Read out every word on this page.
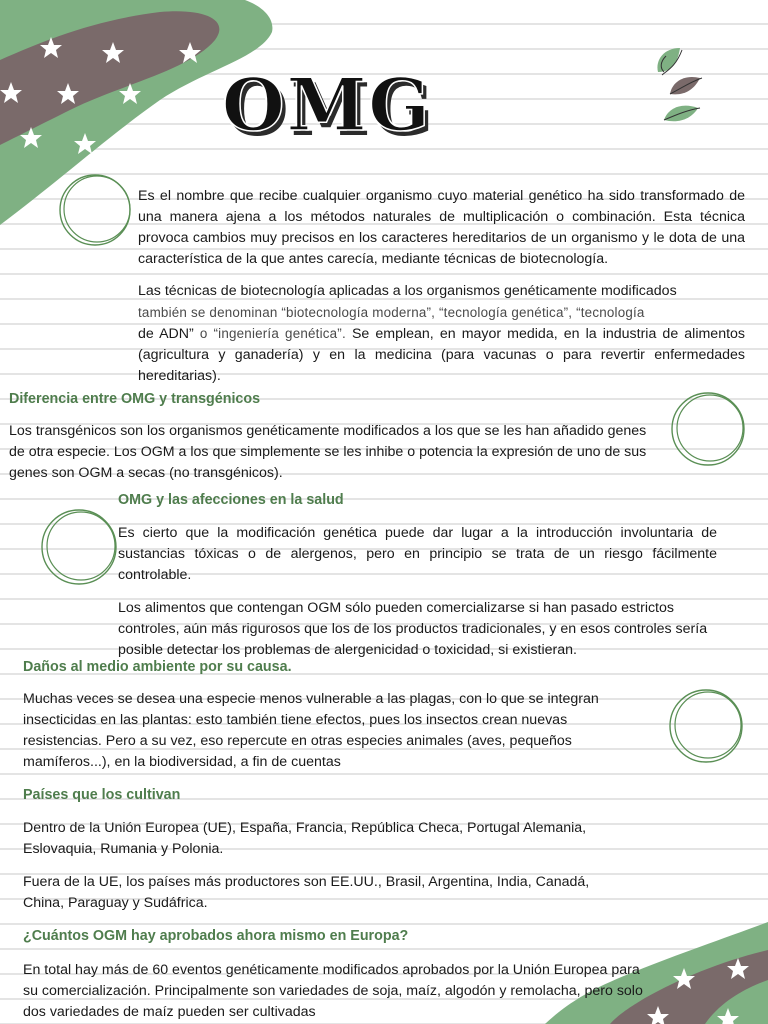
OMG

Es el nombre que recibe cualquier organismo cuyo material genético ha sido transformado de una manera ajena a los métodos naturales de multiplicación o combinación. Esta técnica provoca cambios muy precisos en los caracteres hereditarios de un organismo y le dota de una característica de la que antes carecía, mediante técnicas de biotecnología.

Las técnicas de biotecnología aplicadas a los organismos genéticamente modificados

también se denominan “biotecnología moderna”, “tecnología genética”, “tecnología

de ADN” o “ingeniería genética”. Se emplean, en mayor medida, en la industria de alimentos (agricultura y ganadería) y en la medicina (para vacunas o para revertir enfermedades hereditarias).

Diferencia entre OMG y transgénicos

Los transgénicos son los organismos genéticamente modificados a los que se les han añadido genes de otra especie. Los OGM a los que simplemente se les inhibe o potencia la expresión de uno de sus genes son OGM a secas (no transgénicos).

OMG y las afecciones en la salud

Es cierto que la modificación genética puede dar lugar a la introducción involuntaria de sustancias tóxicas o de alergenos, pero en principio se trata de un riesgo fácilmente controlable.

Los alimentos que contengan OGM sólo pueden comercializarse si han pasado estrictos controles, aún más rigurosos que los de los productos tradicionales, y en esos controles sería posible detectar los problemas de alergenicidad o toxicidad, si existieran.

Daños al medio ambiente por su causa.

Muchas veces se desea una especie menos vulnerable a las plagas, con lo que se integran insecticidas en las plantas: esto también tiene efectos, pues los insectos crean nuevas resistencias. Pero a su vez, eso repercute en otras especies animales (aves, pequeños mamíferos...), en la biodiversidad, a fin de cuentas

Países que los cultivan

Dentro de la Unión Europea (UE), España, Francia, República Checa, Portugal Alemania, Eslovaquia, Rumania y Polonia.

Fuera de la UE, los países más productores son EE.UU., Brasil, Argentina, India, Canadá, China, Paraguay y Sudáfrica.

¿Cuántos OGM hay aprobados ahora mismo en Europa?

En total hay más de 60 eventos genéticamente modificados aprobados por la Unión Europea para su comercialización. Principalmente son variedades de soja, maíz, algodón y remolacha, pero solo dos variedades de maíz pueden ser cultivadas
